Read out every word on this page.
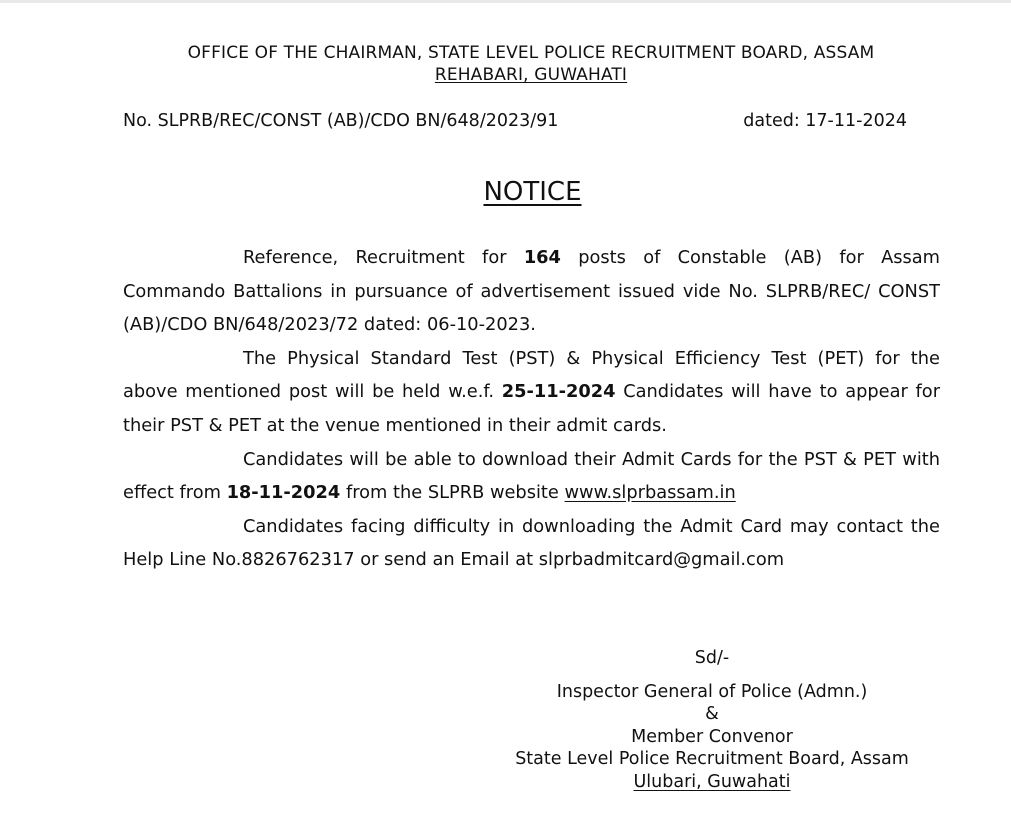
OFFICE OF THE CHAIRMAN, STATE LEVEL POLICE RECRUITMENT BOARD, ASSAM
REHABARI, GUWAHATI
No. SLPRB/REC/CONST (AB)/CDO BN/648/2023/91	dated: 17-11-2024
NOTICE

Reference, Recruitment for 164 posts of Constable (AB) for Assam Commando Battalions in pursuance of advertisement issued vide No. SLPRB/REC/ CONST (AB)/CDO BN/648/2023/72 dated: 06-10-2023.

The Physical Standard Test (PST) & Physical Efficiency Test (PET) for the above mentioned post will be held w.e.f. 25-11-2024 Candidates will have to appear for their PST & PET at the venue mentioned in their admit cards.

Candidates will be able to download their Admit Cards for the PST & PET with effect from 18-11-2024 from the SLPRB website www.slprbassam.in

Candidates facing difficulty in downloading the Admit Card may contact the Help Line No.8826762317 or send an Email at slprbadmitcard@gmail.com

Sd/-
Inspector General of Police (Admn.)
&
Member Convenor
State Level Police Recruitment Board, Assam
Ulubari, Guwahati
